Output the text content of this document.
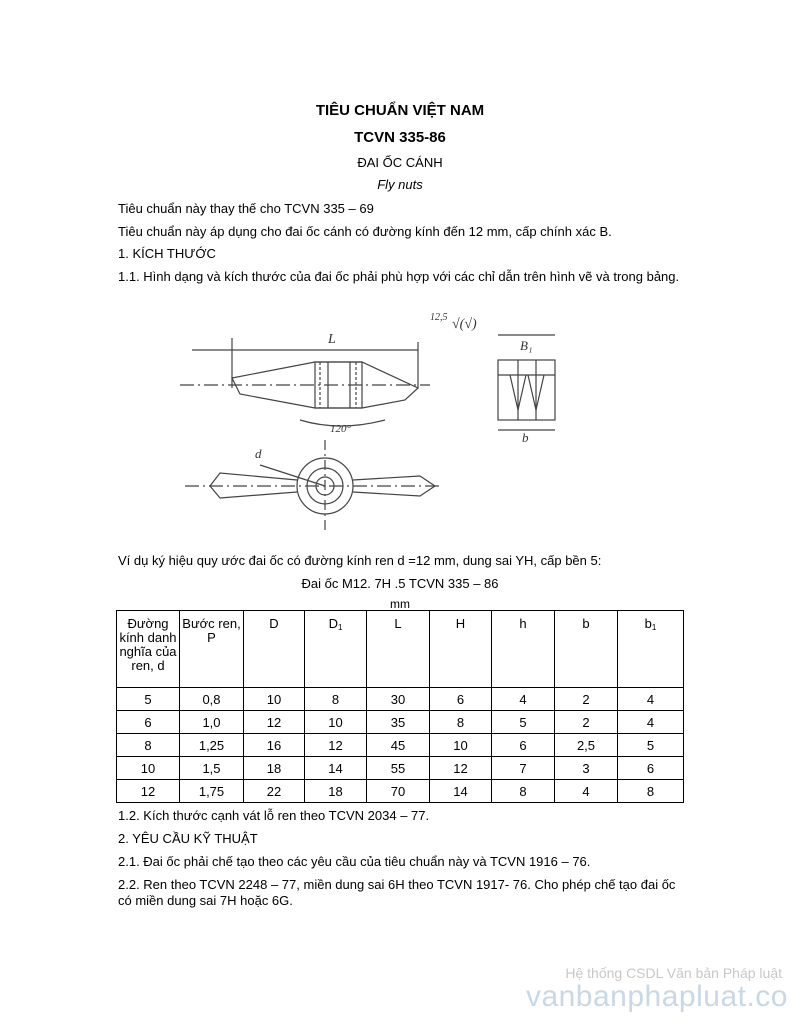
TIÊU CHUẨN VIỆT NAM
TCVN 335-86
ĐAI ỐC CÁNH
Fly nuts
Tiêu chuẩn này thay thế cho TCVN 335 – 69
Tiêu chuẩn này áp dụng cho đai ốc cánh có đường kính đến 12 mm, cấp chính xác B.
1. KÍCH THƯỚC
1.1. Hình dạng và kích thước của đai ốc phải phù hợp với các chỉ dẫn trên hình vẽ và trong bảng.
L
120°
12,5 √(√)
B₁
b
d
Ví dụ ký hiệu quy ước đai ốc có đường kính ren d =12 mm, dung sai YH, cấp bền 5:
Đai ốc M12. 7H .5 TCVN 335 – 86
mm
Đường kính danh nghĩa của ren, d	Bước ren, P	D	D1	L	H	h	b	b1
5	0,8	10	8	30	6	4	2	4
6	1,0	12	10	35	8	5	2	4
8	1,25	16	12	45	10	6	2,5	5
10	1,5	18	14	55	12	7	3	6
12	1,75	22	18	70	14	8	4	8
1.2. Kích thước cạnh vát lỗ ren theo TCVN 2034 – 77.
2. YÊU CẦU KỸ THUẬT
2.1. Đai ốc phải chế tạo theo các yêu cầu của tiêu chuẩn này và TCVN 1916 – 76.
2.2. Ren theo TCVN 2248 – 77, miền dung sai 6H theo TCVN 1917- 76. Cho phép chế tạo đai ốc
có miền dung sai 7H hoặc 6G.
Hệ thống CSDL Văn bản Pháp luật
vanbanphapluat.co
